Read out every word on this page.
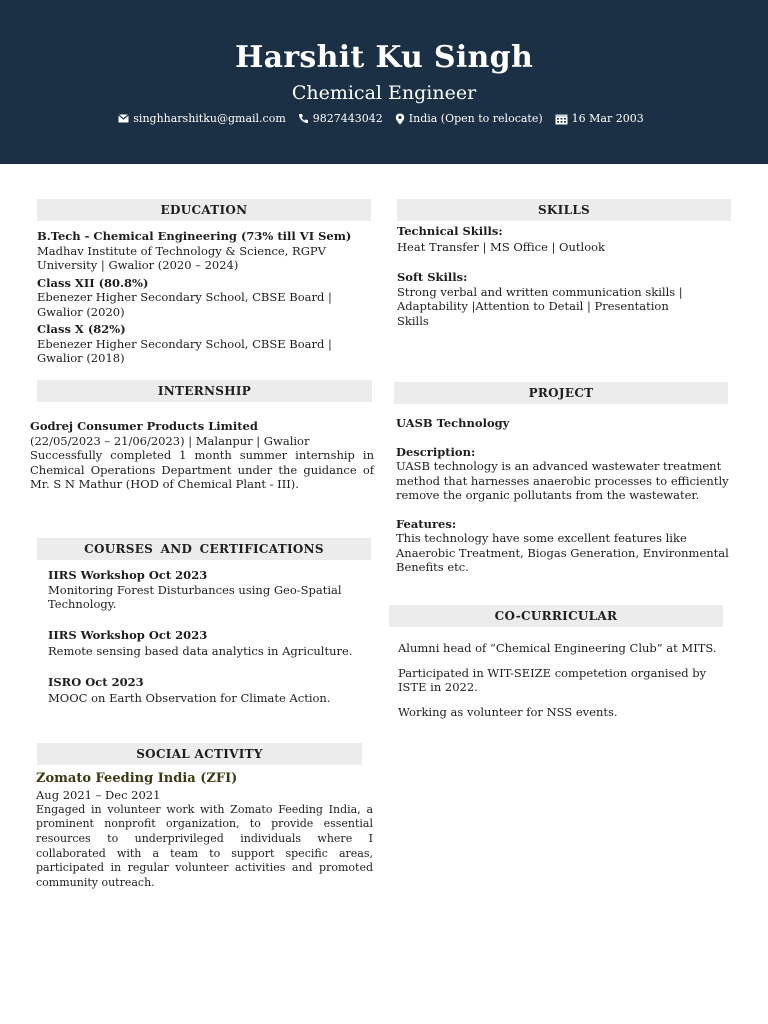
Harshit Ku Singh
Chemical Engineer
singhharshitku@gmail.com 9827443042 India (Open to relocate)	16 Mar 2003
EDUCATION
B.Tech - Chemical Engineering (73% till VI Sem)
Madhav Institute of Technology & Science, RGPV University | Gwalior (2020 – 2024)
Class XII (80.8%)
Ebenezer Higher Secondary School, CBSE Board | Gwalior (2020)
Class X (82%)
Ebenezer Higher Secondary School, CBSE Board | Gwalior (2018)
INTERNSHIP
Godrej Consumer Products Limited
(22/05/2023 – 21/06/2023) | Malanpur | Gwalior
Successfully completed 1 month summer internship in Chemical Operations Department under the guidance of Mr. S N Mathur (HOD of Chemical Plant - III).
COURSES AND CERTIFICATIONS
IIRS Workshop Oct 2023
Monitoring Forest Disturbances using Geo-Spatial Technology.
IIRS Workshop Oct 2023
Remote sensing based data analytics in Agriculture.
ISRO Oct 2023
MOOC on Earth Observation for Climate Action.
SOCIAL ACTIVITY
Zomato Feeding India (ZFI)
Aug 2021 – Dec 2021
Engaged in volunteer work with Zomato Feeding India, a prominent nonprofit organization, to provide essential resources to underprivileged individuals where I collaborated with a team to support specific areas, participated in regular volunteer activities and promoted community outreach.
SKILLS
Technical Skills:
Heat Transfer | MS Office | Outlook
Soft Skills:
Strong verbal and written communication skills | Adaptability |Attention to Detail | Presentation Skills
PROJECT
UASB Technology
Description:
UASB technology is an advanced wastewater treatment method that harnesses anaerobic processes to efficiently remove the organic pollutants from the wastewater.
Features:
This technology have some excellent features like Anaerobic Treatment, Biogas Generation, Environmental Benefits etc.
CO-CURRICULAR
Alumni head of “Chemical Engineering Club” at MITS.
Participated in WIT-SEIZE competetion organised by ISTE in 2022.
Working as volunteer for NSS events.
